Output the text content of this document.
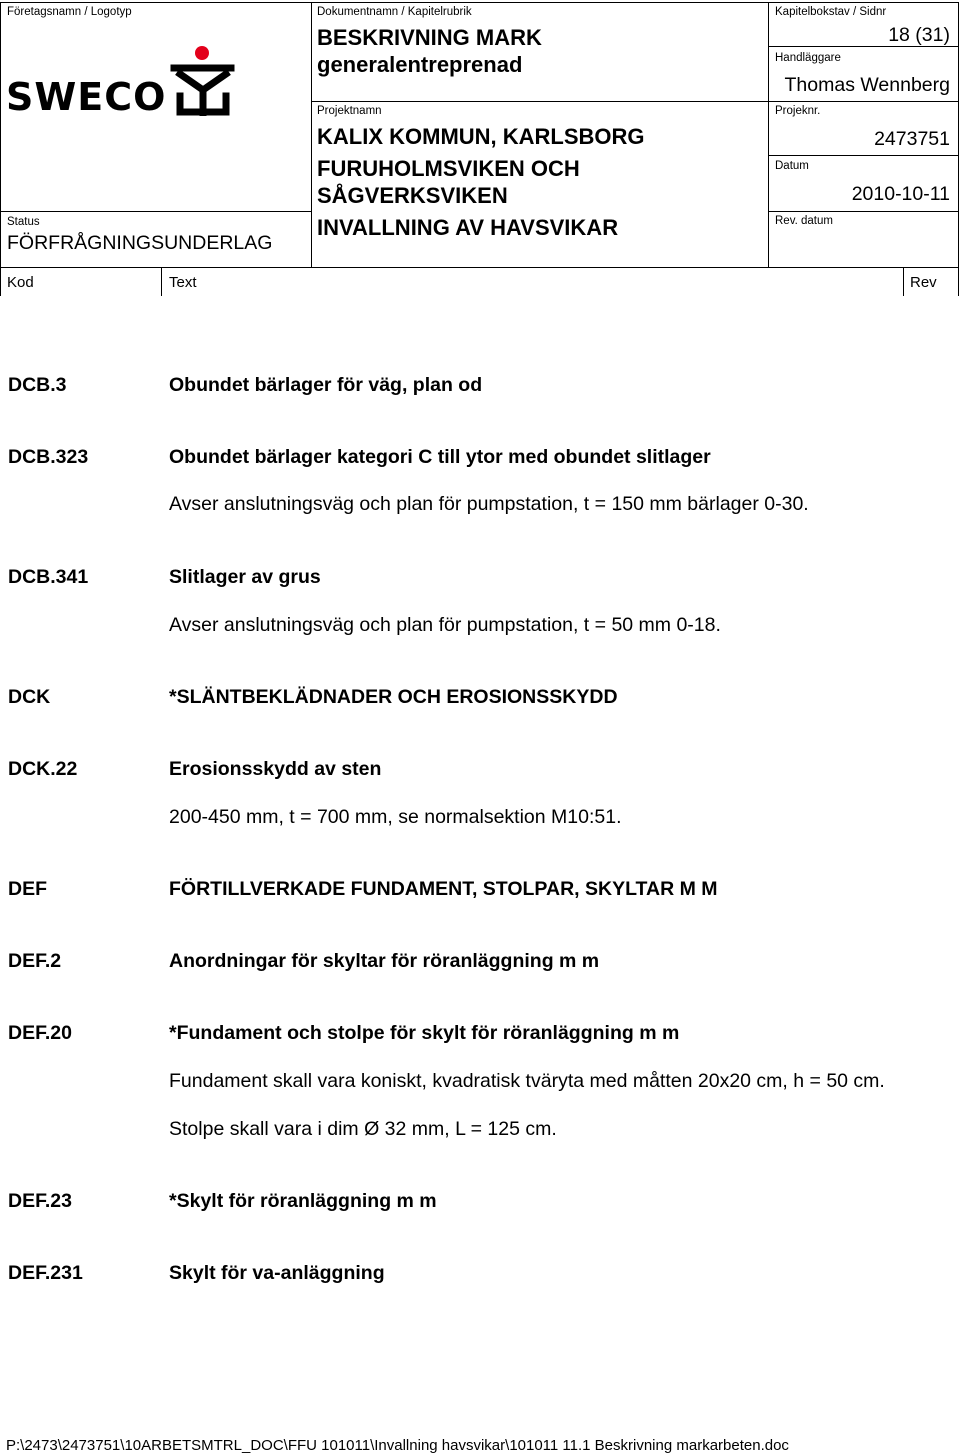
Företagsnamn / Logotyp
SWECO
Status
FÖRFRÅGNINGSUNDERLAG
Dokumentnamn / Kapitelrubrik
BESKRIVNING MARK
generalentreprenad
Projektnamn
KALIX KOMMUN, KARLSBORG
FURUHOLMSVIKEN OCH
SÅGVERKSVIKEN
INVALLNING AV HAVSVIKAR
Kapitelbokstav / Sidnr
18 (31)
Handläggare
Thomas Wennberg
Projeknr.
2473751
Datum
2010-10-11
Rev. datum
Kod	Text	Rev
DCB.3	Obundet bärlager för väg, plan od
DCB.323	Obundet bärlager kategori C till ytor med obundet slitlager
Avser anslutningsväg och plan för pumpstation, t = 150 mm bärlager 0-30.
DCB.341	Slitlager av grus
Avser anslutningsväg och plan för pumpstation, t = 50 mm 0-18.
DCK	*SLÄNTBEKLÄDNADER OCH EROSIONSSKYDD
DCK.22	Erosionsskydd av sten
200-450 mm, t = 700 mm, se normalsektion M10:51.
DEF	FÖRTILLVERKADE FUNDAMENT, STOLPAR, SKYLTAR M M
DEF.2	Anordningar för skyltar för röranläggning m m
DEF.20	*Fundament och stolpe för skylt för röranläggning m m
Fundament skall vara koniskt, kvadratisk tväryta med måtten 20x20 cm, h = 50 cm.
Stolpe skall vara i dim Ø 32 mm, L = 125 cm.
DEF.23	*Skylt för röranläggning m m
DEF.231	Skylt för va-anläggning
P:\2473\2473751\10ARBETSMTRL_DOC\FFU 101011\Invallning havsvikar\101011 11.1 Beskrivning markarbeten.doc
